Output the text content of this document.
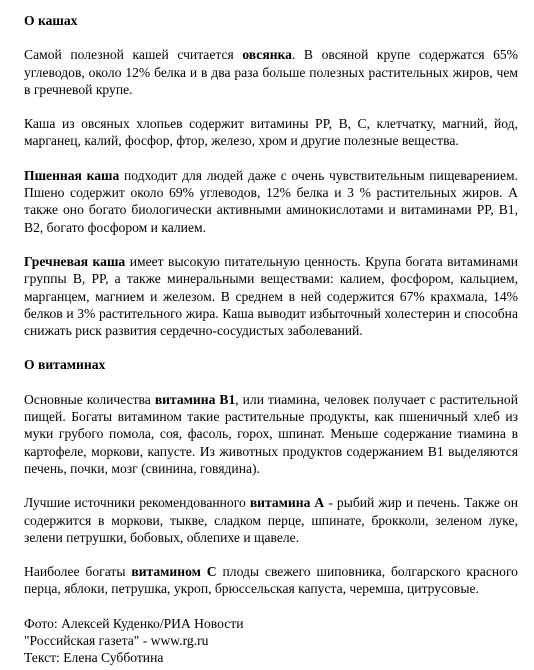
О кашах

Самой полезной кашей считается овсянка. В овсяной крупе содержатся 65% углеводов, около 12% белка и в два раза больше полезных растительных жиров, чем в гречневой крупе.

Каша из овсяных хлопьев содержит витамины PP, B, C, клетчатку, магний, йод, марганец, калий, фосфор, фтор, железо, хром и другие полезные вещества.

Пшенная каша подходит для людей даже с очень чувствительным пищеварением. Пшено содержит около 69% углеводов, 12% белка и 3 % растительных жиров. А также оно богато биологически активными аминокислотами и витаминами PP, B1, B2, богато фосфором и калием.

Гречневая каша имеет высокую питательную ценность. Крупа богата витаминами группы B, PP, а также минеральными веществами: калием, фосфором, кальцием, марганцем, магнием и железом. В среднем в ней содержится 67% крахмала, 14% белков и 3% растительного жира. Каша выводит избыточный холестерин и способна снижать риск развития сердечно-сосудистых заболеваний.

О витаминах

Основные количества витамина В1, или тиамина, человек получает с растительной пищей. Богаты витамином такие растительные продукты, как пшеничный хлеб из муки грубого помола, соя, фасоль, горох, шпинат. Меньше содержание тиамина в картофеле, моркови, капусте. Из животных продуктов содержанием B1 выделяются печень, почки, мозг (свинина, говядина).

Лучшие источники рекомендованного витамина А - рыбий жир и печень. Также он содержится в моркови, тыкве, сладком перце, шпинате, брокколи, зеленом луке, зелени петрушки, бобовых, облепихе и щавеле.

Наиболее богаты витамином С плоды свежего шиповника, болгарского красного перца, яблоки, петрушка, укроп, брюссельская капуста, черемша, цитрусовые.

Фото: Алексей Куденко/РИА Новости
"Российская газета" - www.rg.ru
Текст: Елена Субботина
